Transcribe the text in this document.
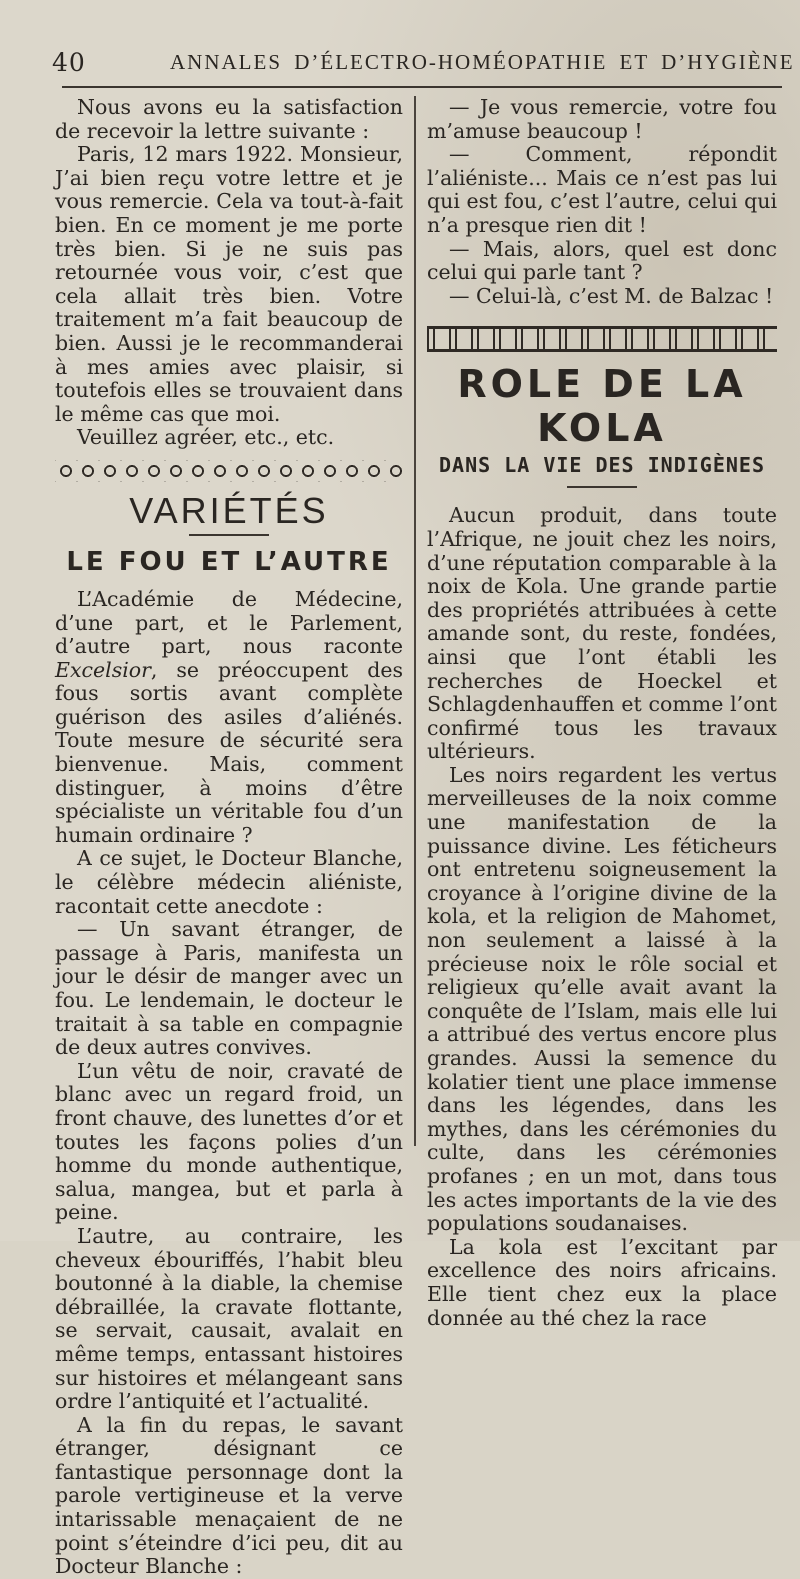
40	ANNALES D’ÉLECTRO-HOMÉOPATHIE ET D’HYGIÈNE

Nous avons eu la satisfaction de recevoir la lettre suivante :

Paris, 12 mars 1922. Monsieur, J’ai bien reçu votre lettre et je vous remercie. Cela va tout-à-fait bien. En ce moment je me porte très bien. Si je ne suis pas retournée vous voir, c’est que cela allait très bien. Votre traitement m’a fait beaucoup de bien. Aussi je le recommanderai à mes amies avec plaisir, si toutefois elles se trouvaient dans le même cas que moi.

Veuillez agréer, etc., etc.

VARIÉTÉS
LE FOU ET L’AUTRE

L’Académie de Médecine, d’une part, et le Parlement, d’autre part, nous raconte Excelsior, se préoccupent des fous sortis avant complète guérison des asiles d’aliénés. Toute mesure de sécurité sera bienvenue. Mais, comment distinguer, à moins d’être spécialiste un véritable fou d’un humain ordinaire ?

A ce sujet, le Docteur Blanche, le célèbre médecin aliéniste, racontait cette anecdote :

— Un savant étranger, de passage à Paris, manifesta un jour le désir de manger avec un fou. Le lendemain, le docteur le traitait à sa table en compagnie de deux autres convives.

L’un vêtu de noir, cravaté de blanc avec un regard froid, un front chauve, des lunettes d’or et toutes les façons polies d’un homme du monde authentique, salua, mangea, but et parla à peine.

L’autre, au contraire, les cheveux ébouriffés, l’habit bleu boutonné à la diable, la chemise débraillée, la cravate flottante, se servait, causait, avalait en même temps, entassant histoires sur histoires et mélangeant sans ordre l’antiquité et l’actualité.

A la fin du repas, le savant étranger, désignant ce fantastique personnage dont la parole vertigineuse et la verve intarissable menaçaient de ne point s’éteindre d’ici peu, dit au Docteur Blanche :

— Je vous remercie, votre fou m’amuse beaucoup !

— Comment, répondit l’aliéniste... Mais ce n’est pas lui qui est fou, c’est l’autre, celui qui n’a presque rien dit !

— Mais, alors, quel est donc celui qui parle tant ?

— Celui-là, c’est M. de Balzac !

ROLE DE LA KOLA
DANS LA VIE DES INDIGÈNES

Aucun produit, dans toute l’Afrique, ne jouit chez les noirs, d’une réputation comparable à la noix de Kola. Une grande partie des propriétés attribuées à cette amande sont, du reste, fondées, ainsi que l’ont établi les recherches de Hoeckel et Schlagdenhauffen et comme l’ont confirmé tous les travaux ultérieurs.

Les noirs regardent les vertus merveilleuses de la noix comme une manifestation de la puissance divine. Les féticheurs ont entretenu soigneusement la croyance à l’origine divine de la kola, et la religion de Mahomet, non seulement a laissé à la précieuse noix le rôle social et religieux qu’elle avait avant la conquête de l’Islam, mais elle lui a attribué des vertus encore plus grandes. Aussi la semence du kolatier tient une place immense dans les légendes, dans les mythes, dans les cérémonies du culte, dans les cérémonies profanes ; en un mot, dans tous les actes importants de la vie des populations soudanaises.

La kola est l’excitant par excellence des noirs africains. Elle tient chez eux la place donnée au thé chez la race
